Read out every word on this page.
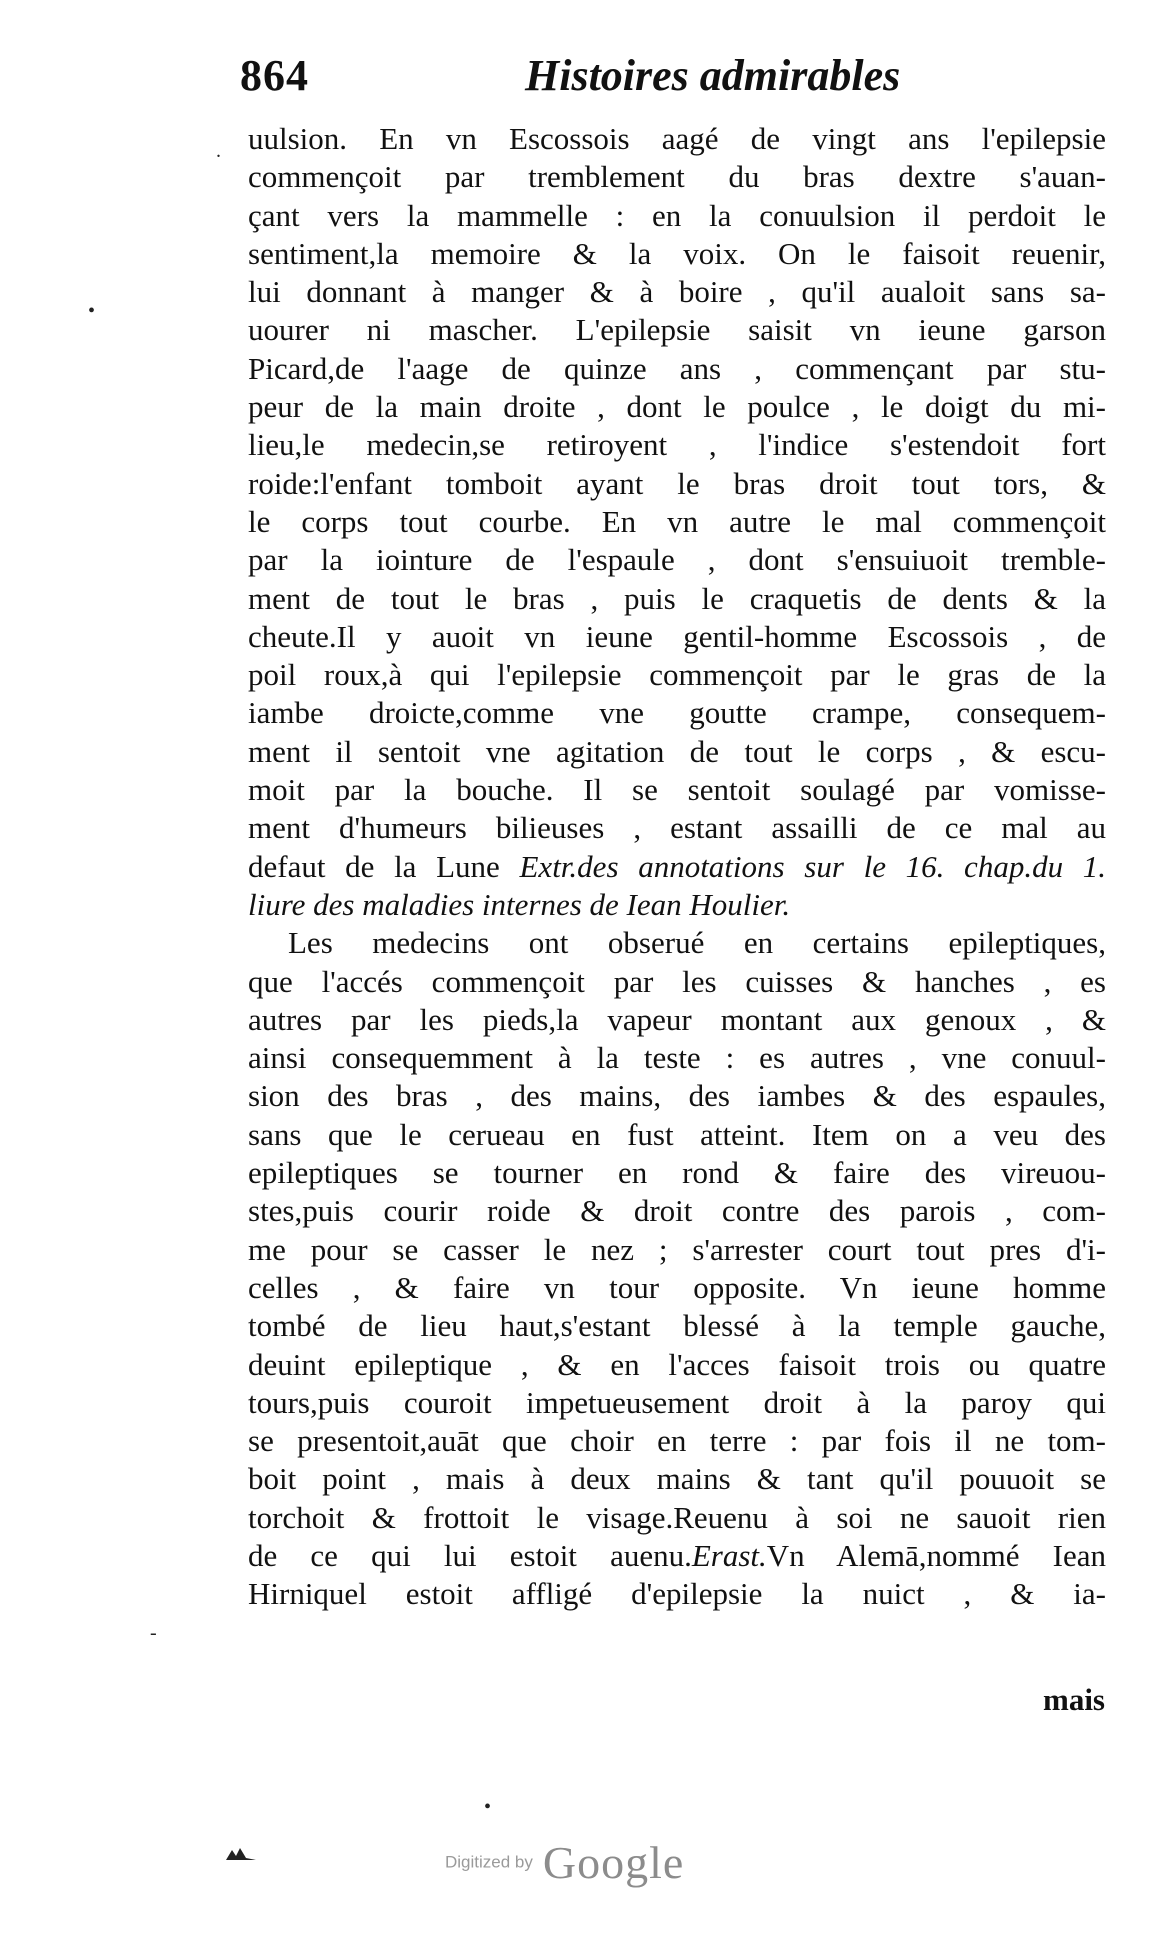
864	Histoires admirables
.
•
-
•
uulsion. En vn Escossois aagé de vingt ans l'epilepsie
commençoit par tremblement du bras dextre s'auan-
çant vers la mammelle : en la conuulsion il perdoit le
sentiment,la memoire & la voix. On le faisoit reuenir,
lui donnant à manger & à boire , qu'il aualoit sans sa-
uourer ni mascher. L'epilepsie saisit vn ieune garson
Picard,de l'aage de quinze ans , commençant par stu-
peur de la main droite , dont le poulce , le doigt du mi-
lieu,le medecin,se retiroyent , l'indice s'estendoit fort
roide:l'enfant tomboit ayant le bras droit tout tors, &
le corps tout courbe. En vn autre le mal commençoit
par la iointure de l'espaule , dont s'ensuiuoit tremble-
ment de tout le bras , puis le craquetis de dents & la
cheute.Il y auoit vn ieune gentil-homme Escossois , de
poil roux,à qui l'epilepsie commençoit par le gras de la
iambe droicte,comme vne goutte crampe, consequem-
ment il sentoit vne agitation de tout le corps , & escu-
moit par la bouche. Il se sentoit soulagé par vomisse-
ment d'humeurs bilieuses , estant assailli de ce mal au
defaut de la Lune Extr.des annotations sur le 16. chap.du 1.
liure des maladies internes de Iean Houlier.
Les medecins ont obserué en certains epileptiques,
que l'accés commençoit par les cuisses & hanches , es
autres par les pieds,la vapeur montant aux genoux , &
ainsi consequemment à la teste : es autres , vne conuul-
sion des bras , des mains, des iambes & des espaules,
sans que le cerueau en fust atteint. Item on a veu des
epileptiques se tourner en rond & faire des vireuou-
stes,puis courir roide & droit contre des parois , com-
me pour se casser le nez ; s'arrester court tout pres d'i-
celles , & faire vn tour opposite. Vn ieune homme
tombé de lieu haut,s'estant blessé à la temple gauche,
deuint epileptique , & en l'acces faisoit trois ou quatre
tours,puis couroit impetueusement droit à la paroy qui
se presentoit,auāt que choir en terre : par fois il ne tom-
boit point , mais à deux mains & tant qu'il pouuoit se
torchoit & frottoit le visage.Reuenu à soi ne sauoit rien
de ce qui lui estoit auenu.Erast.Vn Alemā,nommé Iean
Hirniquel estoit affligé d'epilepsie la nuict , & ia-
mais
Digitized by Google
